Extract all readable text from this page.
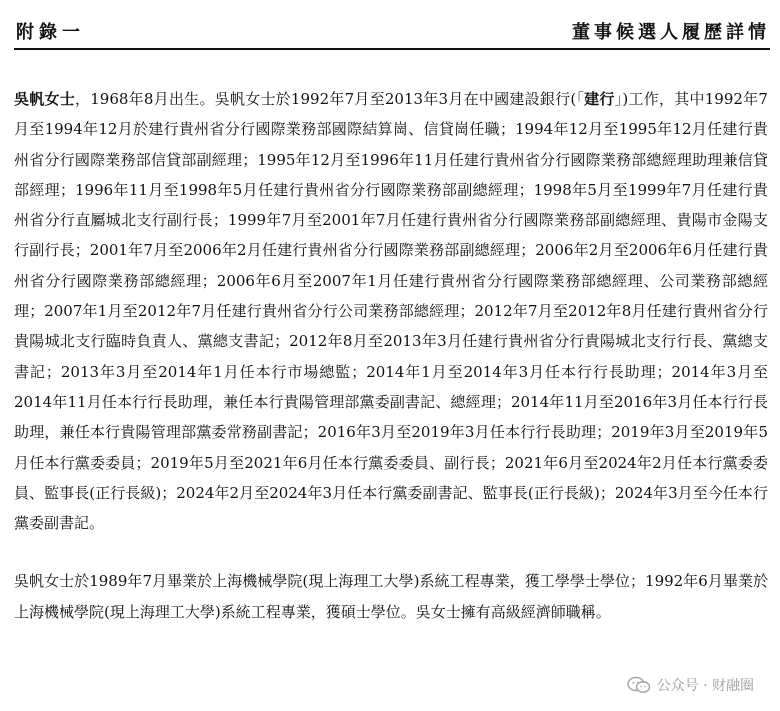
附錄一	董事候選人履歷詳情

吳帆女士，1968年8月出生。吳帆女士於1992年7月至2013年3月在中國建設銀行(「建行」)工作，其中1992年7月至1994年12月於建行貴州省分行國際業務部國際結算崗、信貸崗任職；1994年12月至1995年12月任建行貴州省分行國際業務部信貸部副經理；1995年12月至1996年11月任建行貴州省分行國際業務部總經理助理兼信貸部經理；1996年11月至1998年5月任建行貴州省分行國際業務部副總經理；1998年5月至1999年7月任建行貴州省分行直屬城北支行副行長；1999年7月至2001年7月任建行貴州省分行國際業務部副總經理、貴陽市金陽支行副行長；2001年7月至2006年2月任建行貴州省分行國際業務部副總經理；2006年2月至2006年6月任建行貴州省分行國際業務部總經理；2006年6月至2007年1月任建行貴州省分行國際業務部總經理、公司業務部總經理；2007年1月至2012年7月任建行貴州省分行公司業務部總經理；2012年7月至2012年8月任建行貴州省分行貴陽城北支行臨時負責人、黨總支書記；2012年8月至2013年3月任建行貴州省分行貴陽城北支行行長、黨總支書記；2013年3月至2014年1月任本行市場總監；2014年1月至2014年3月任本行行長助理；2014年3月至2014年11月任本行行長助理，兼任本行貴陽管理部黨委副書記、總經理；2014年11月至2016年3月任本行行長助理，兼任本行貴陽管理部黨委常務副書記；2016年3月至2019年3月任本行行長助理；2019年3月至2019年5月任本行黨委委員；2019年5月至2021年6月任本行黨委委員、副行長；2021年6月至2024年2月任本行黨委委員、監事長(正行長級)；2024年2月至2024年3月任本行黨委副書記、監事長(正行長級)；2024年3月至今任本行黨委副書記。

吳帆女士於1989年7月畢業於上海機械學院(現上海理工大學)系統工程專業，獲工學學士學位；1992年6月畢業於上海機械學院(現上海理工大學)系統工程專業，獲碩士學位。吳女士擁有高級經濟師職稱。

公众号 · 财融圈
